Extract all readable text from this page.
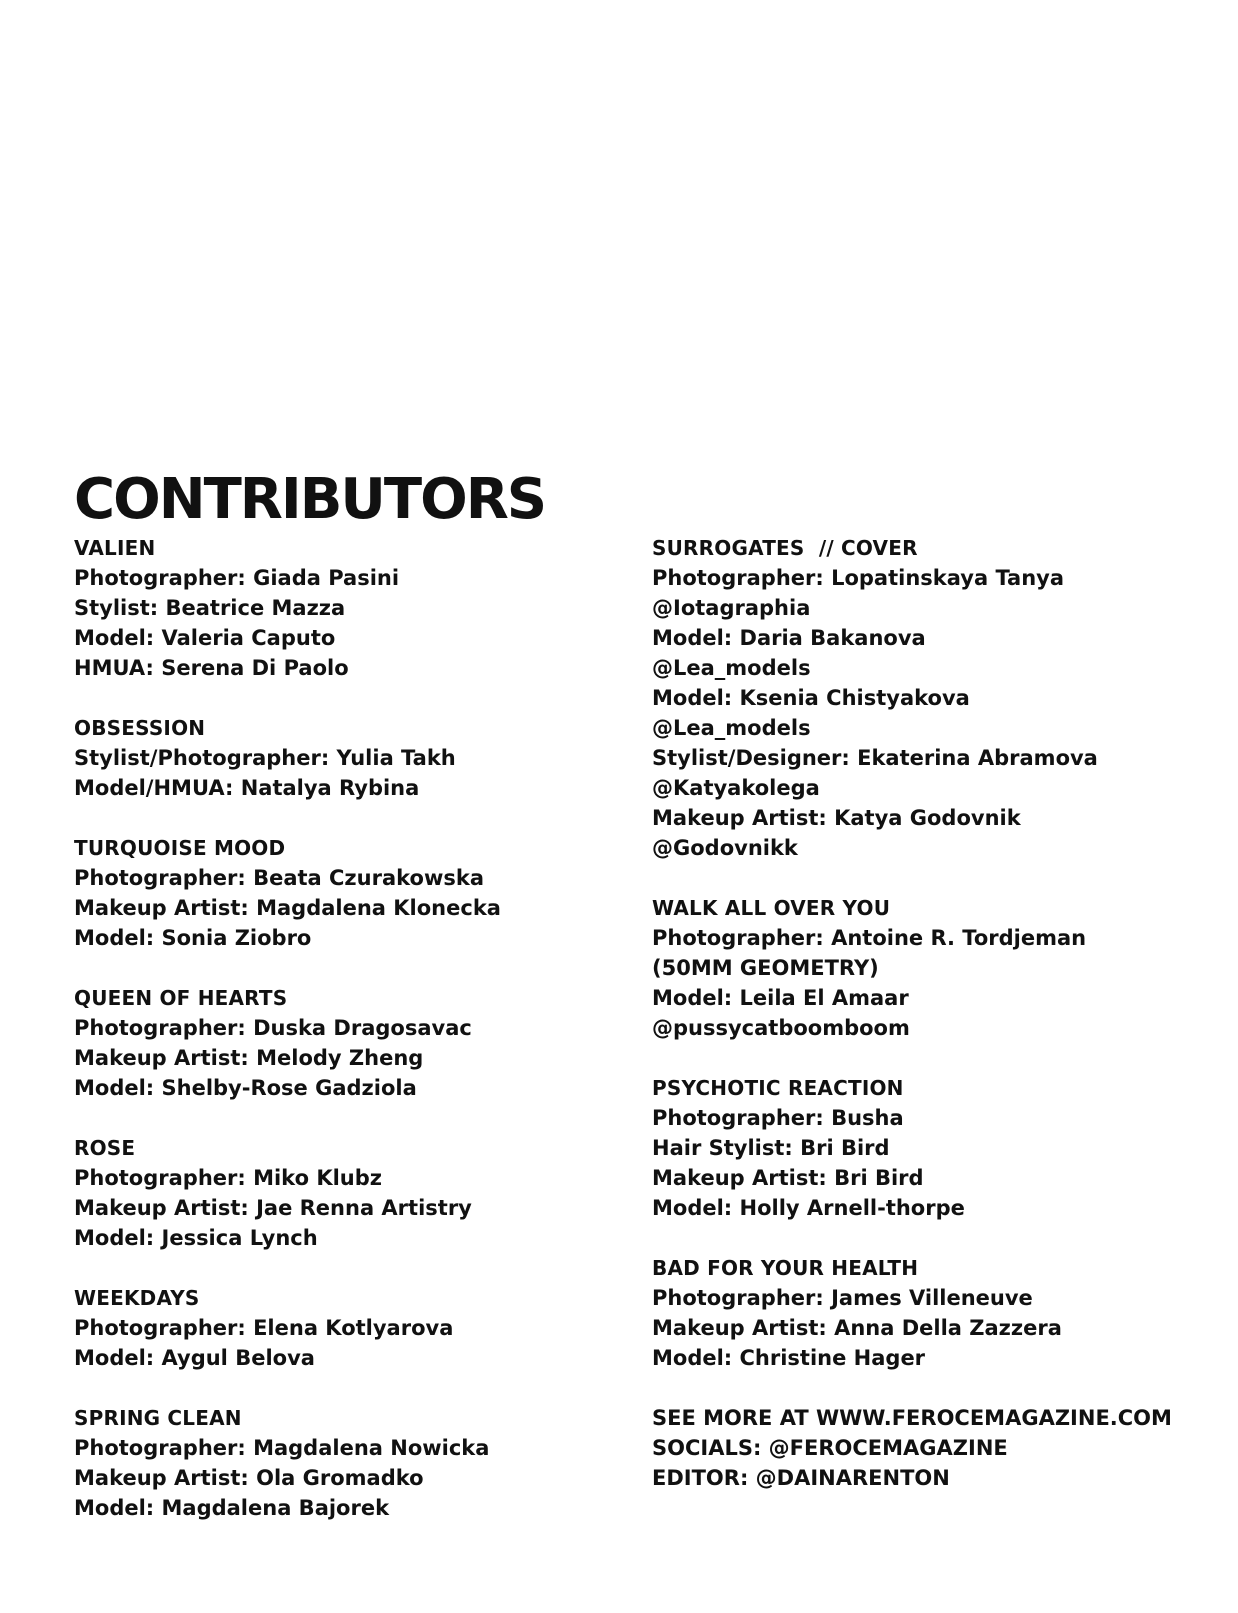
CONTRIBUTORS
VALIEN
Photographer: Giada Pasini
Stylist: Beatrice Mazza
Model: Valeria Caputo
HMUA: Serena Di Paolo
OBSESSION
Stylist/Photographer: Yulia Takh
Model/HMUA: Natalya Rybina
TURQUOISE MOOD
Photographer: Beata Czurakowska
Makeup Artist: Magdalena Klonecka
Model: Sonia Ziobro
QUEEN OF HEARTS
Photographer: Duska Dragosavac
Makeup Artist: Melody Zheng
Model: Shelby-Rose Gadziola
ROSE
Photographer: Miko Klubz
Makeup Artist: Jae Renna Artistry
Model: Jessica Lynch
WEEKDAYS
Photographer: Elena Kotlyarova
Model: Aygul Belova
SPRING CLEAN
Photographer: Magdalena Nowicka
Makeup Artist: Ola Gromadko
Model: Magdalena Bajorek
SURROGATES  // COVER
Photographer: Lopatinskaya Tanya
@Iotagraphia
Model: Daria Bakanova
@Lea_models
Model: Ksenia Chistyakova
@Lea_models
Stylist/Designer: Ekaterina Abramova
@Katyakolega
Makeup Artist: Katya Godovnik
@Godovnikk
WALK ALL OVER YOU
Photographer: Antoine R. Tordjeman
(50MM GEOMETRY)
Model: Leila El Amaar
@pussycatboomboom
PSYCHOTIC REACTION
Photographer: Busha
Hair Stylist: Bri Bird
Makeup Artist: Bri Bird
Model: Holly Arnell-thorpe
BAD FOR YOUR HEALTH
Photographer: James Villeneuve
Makeup Artist: Anna Della Zazzera
Model: Christine Hager
SEE MORE AT WWW.FEROCEMAGAZINE.COM
SOCIALS: @FEROCEMAGAZINE
EDITOR: @DAINARENTON
